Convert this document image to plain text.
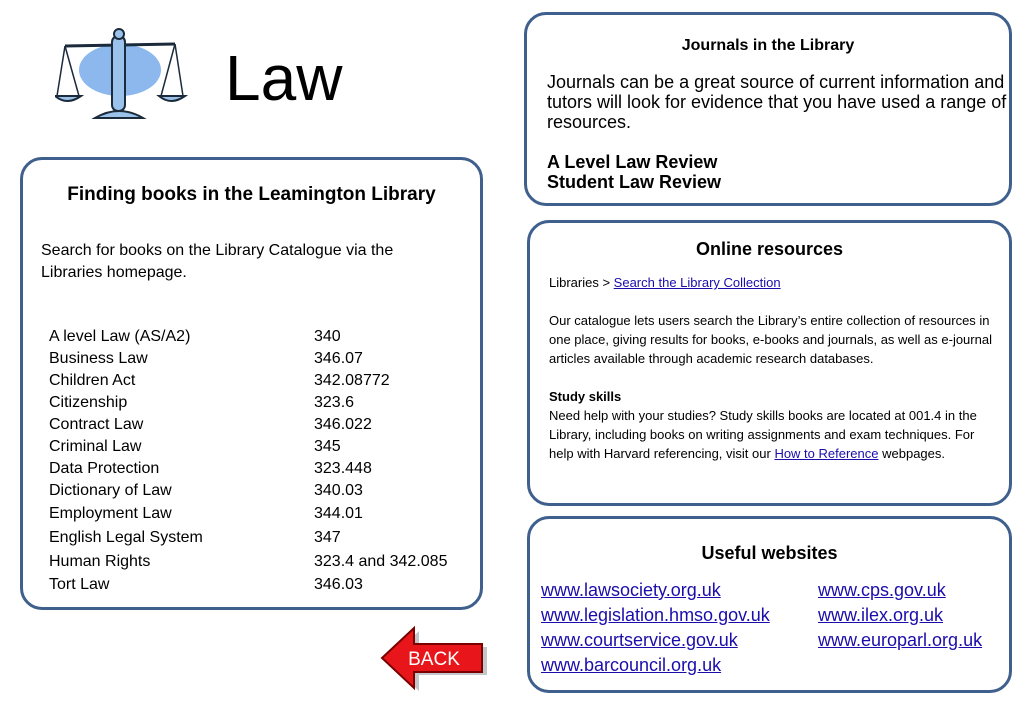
Law
Finding books in the Leamington Library
Search for books on the Library Catalogue via the
Libraries homepage.
A level Law (AS/A2)	340
Business Law	346.07
Children Act	342.08772
Citizenship	323.6
Contract Law	346.022
Criminal Law	345
Data Protection	323.448
Dictionary of Law	340.03
Employment Law	344.01
English Legal System	347
Human Rights	323.4 and 342.085
Tort Law	346.03
Journals in the Library
Journals can be a great source of current information and tutors will look for evidence that you have used a range of resources.
A Level Law Review
Student Law Review
Online resources

Libraries > Search the Library Collection

Our catalogue lets users search the Library’s entire collection of resources in one place, giving results for books, e-books and journals, as well as e-journal articles available through academic research databases.

Study skills

Need help with your studies? Study skills books are located at 001.4 in the Library, including books on writing assignments and exam techniques. For help with Harvard referencing, visit our How to Reference webpages.

Useful websites
www.lawsociety.org.uk
www.legislation.hmso.gov.uk
www.courtservice.gov.uk
www.barcouncil.org.uk
www.cps.gov.uk
www.ilex.org.uk
www.europarl.org.uk
BACK
